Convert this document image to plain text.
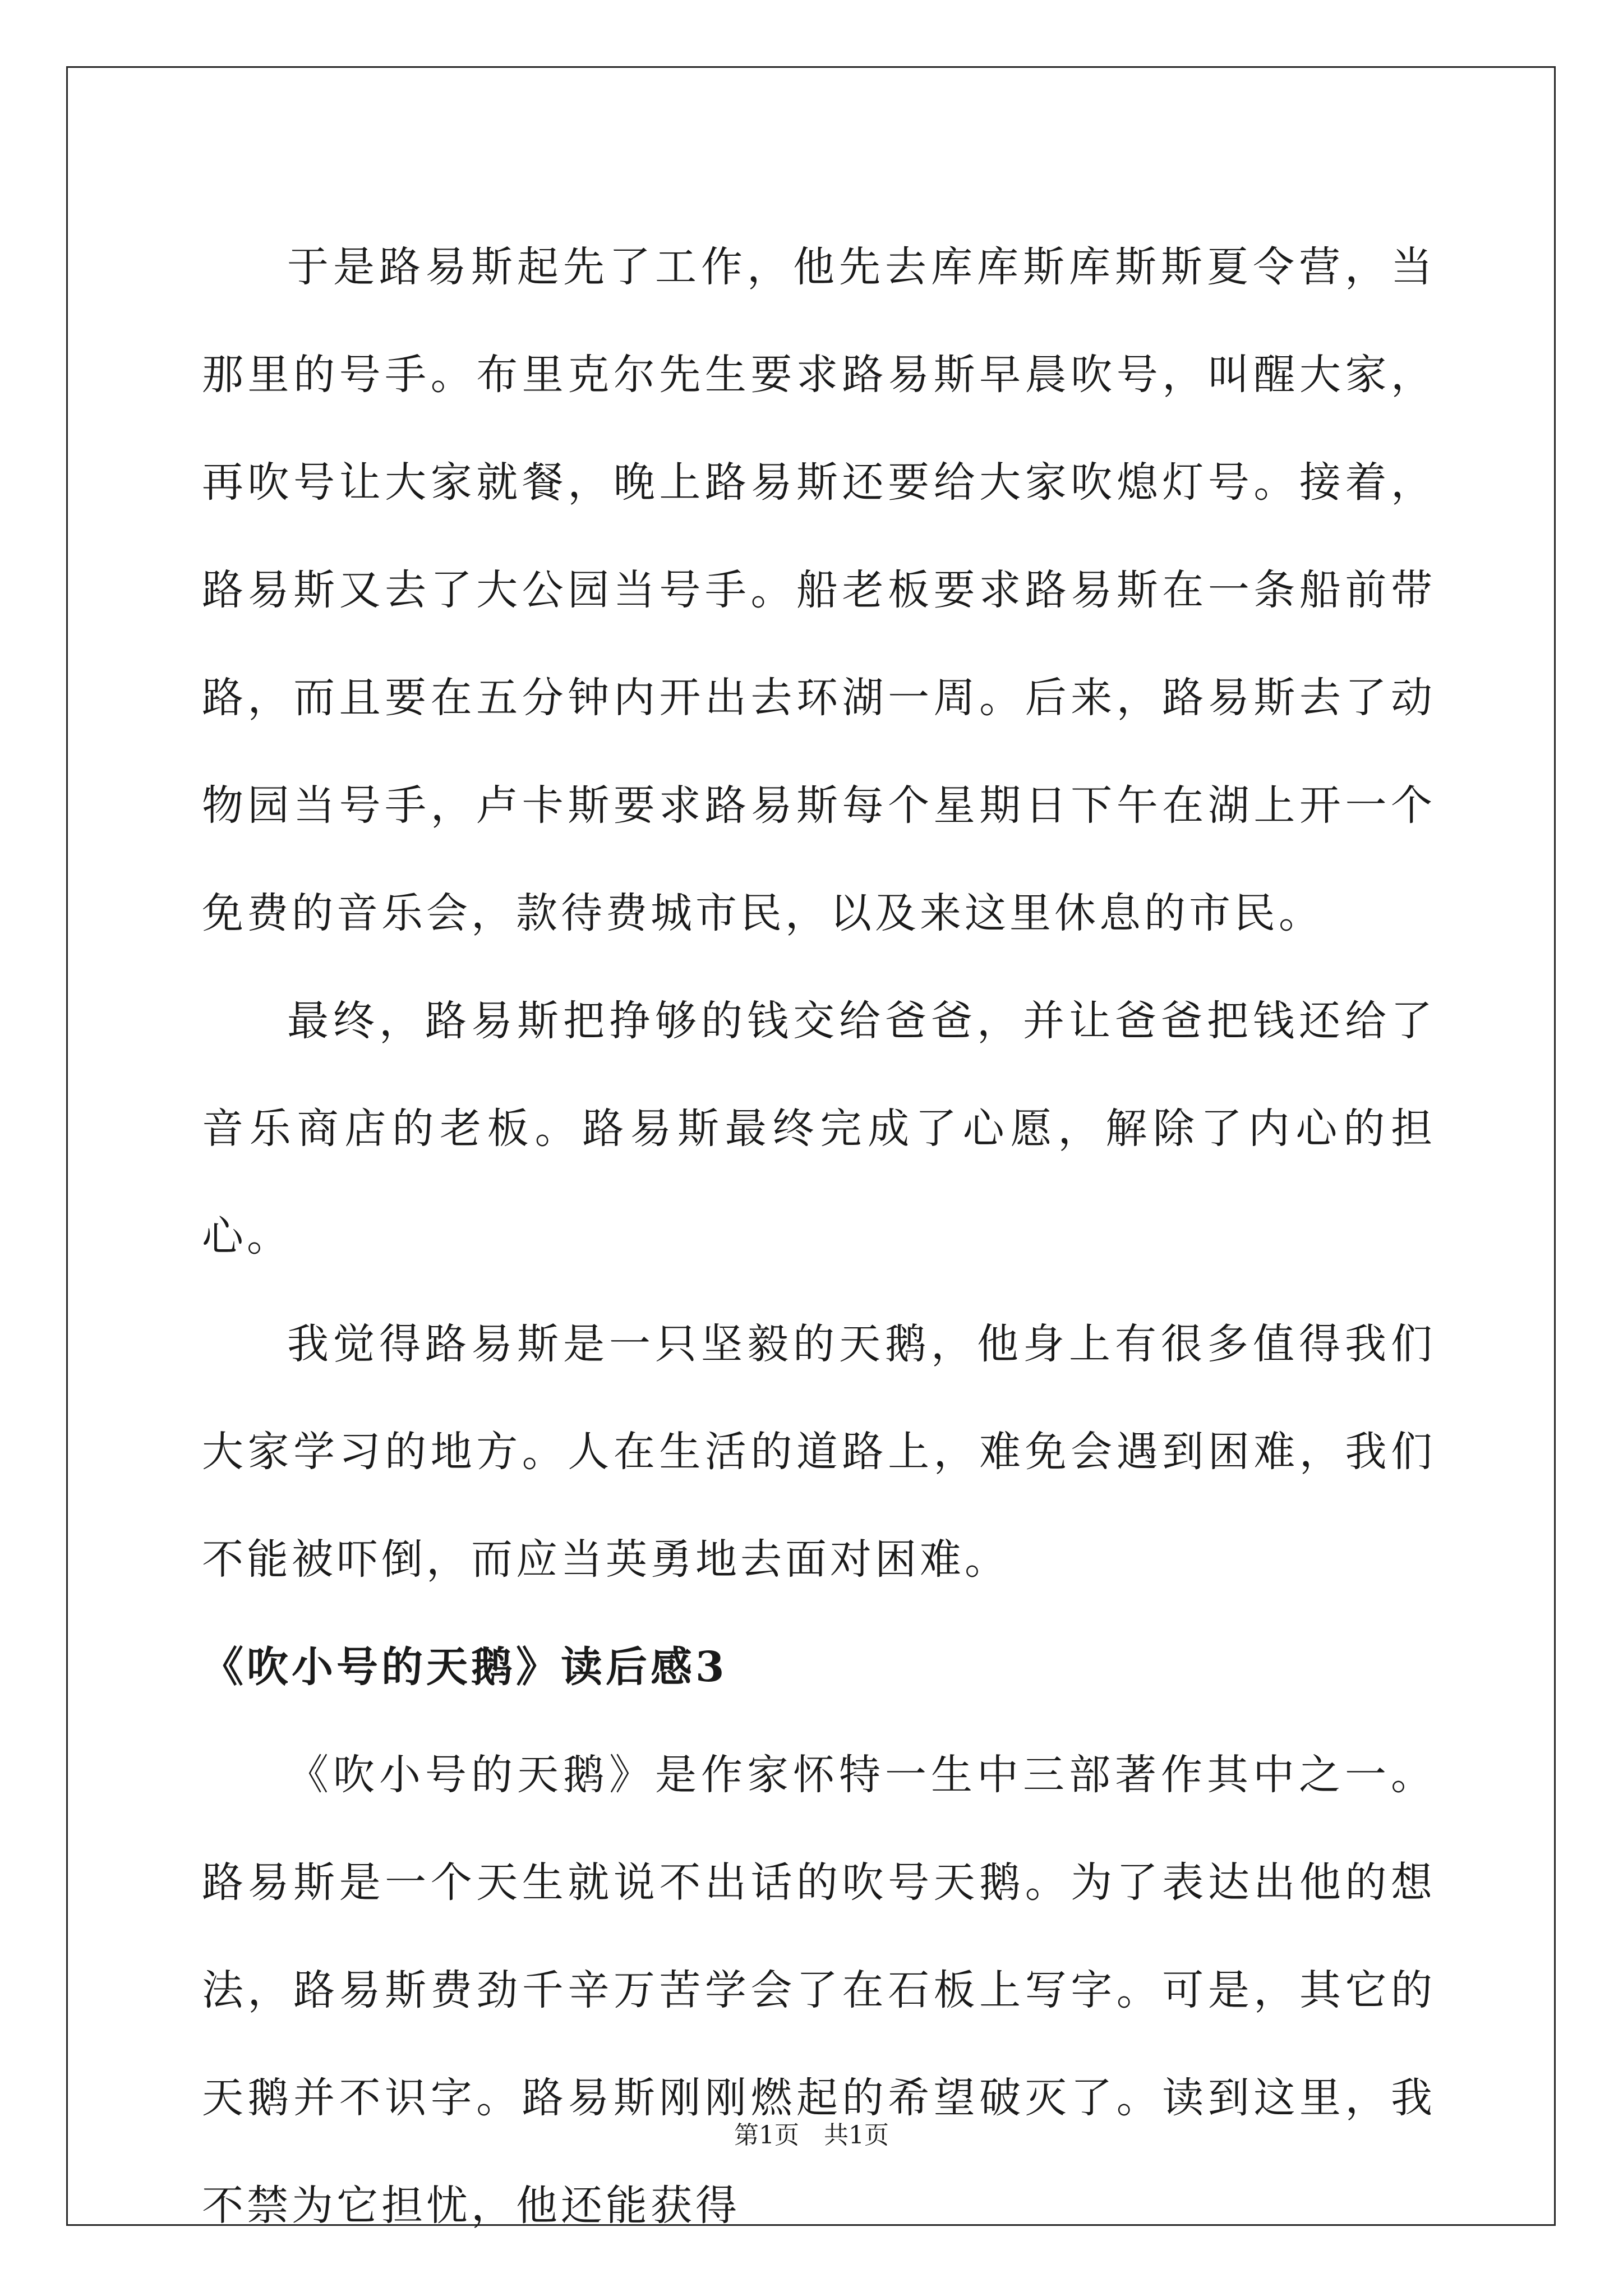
于是路易斯起先了工作，他先去库库斯库斯斯夏令营，当那里的号手。布里克尔先生要求路易斯早晨吹号，叫醒大家，再吹号让大家就餐，晚上路易斯还要给大家吹熄灯号。接着，路易斯又去了大公园当号手。船老板要求路易斯在一条船前带路，而且要在五分钟内开出去环湖一周。后来，路易斯去了动物园当号手，卢卡斯要求路易斯每个星期日下午在湖上开一个免费的音乐会，款待费城市民，以及来这里休息的市民。

最终，路易斯把挣够的钱交给爸爸，并让爸爸把钱还给了音乐商店的老板。路易斯最终完成了心愿，解除了内心的担心。

我觉得路易斯是一只坚毅的天鹅，他身上有很多值得我们大家学习的地方。人在生活的道路上，难免会遇到困难，我们不能被吓倒，而应当英勇地去面对困难。

《吹小号的天鹅》读后感3

《吹小号的天鹅》是作家怀特一生中三部著作其中之一。路易斯是一个天生就说不出话的吹号天鹅。为了表达出他的想法，路易斯费劲千辛万苦学会了在石板上写字。可是，其它的天鹅并不识字。路易斯刚刚燃起的希望破灭了。读到这里，我不禁为它担忧，他还能获得

第1页 共1页
